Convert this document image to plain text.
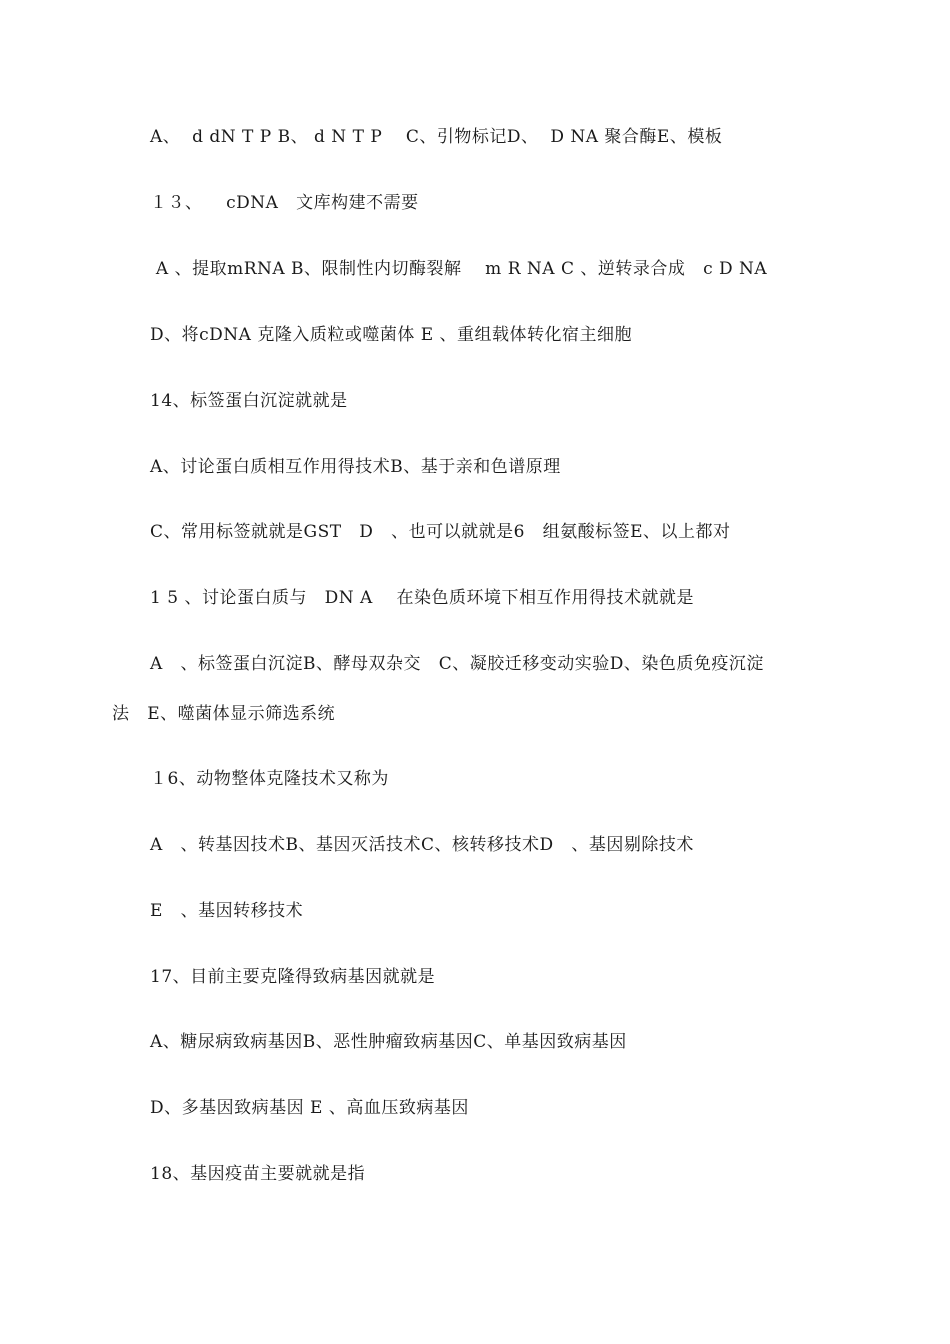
A、  d dN T P B、 d N T P    C、引物标记D、  D NA 聚合酶E、模板
１３、    cDNA   文库构建不需要
A 、提取mRNA B、限制性内切酶裂解    m R NA C 、逆转录合成   c D NA
D、将cDNA 克隆入质粒或噬菌体 E 、重组载体转化宿主细胞
14、标签蛋白沉淀就就是
A、讨论蛋白质相互作用得技术B、基于亲和色谱原理
C、常用标签就就是GST   D   、也可以就就是6   组氨酸标签E、以上都对
1 5 、讨论蛋白质与   DN A    在染色质环境下相互作用得技术就就是
A   、标签蛋白沉淀B、酵母双杂交   C、凝胶迁移变动实验D、染色质免疫沉淀
法   E、噬菌体显示筛选系统
１6、动物整体克隆技术又称为
A   、转基因技术B、基因灭活技术C、核转移技术D   、基因剔除技术
E   、基因转移技术
17、目前主要克隆得致病基因就就是
A、糖尿病致病基因B、恶性肿瘤致病基因C、单基因致病基因
D、多基因致病基因 E 、高血压致病基因
18、基因疫苗主要就就是指
